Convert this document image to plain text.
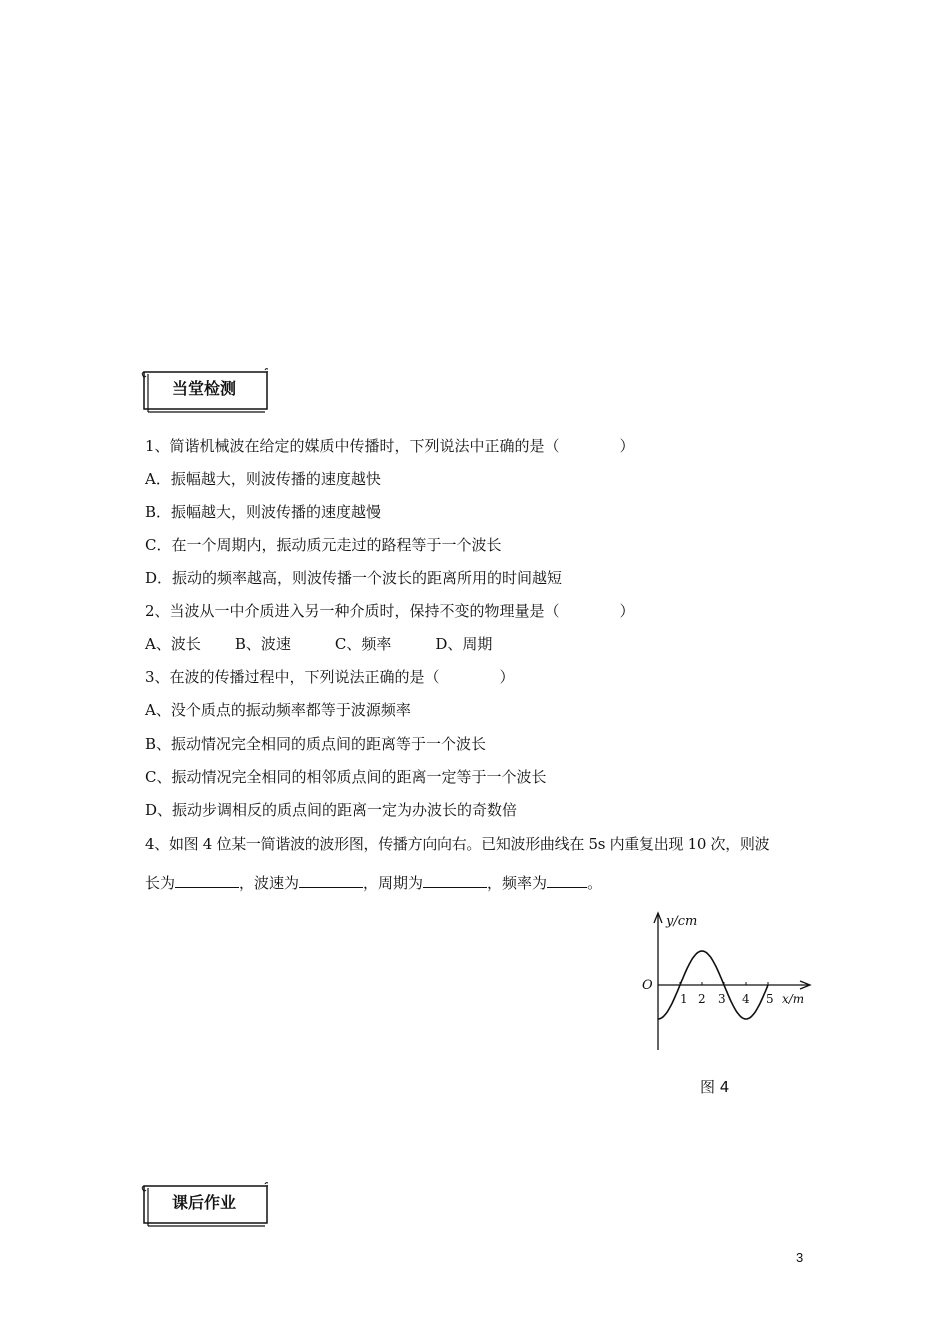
当堂检测
1、简谐机械波在给定的媒质中传播时，下列说法中正确的是（　　　　）
A．振幅越大，则波传播的速度越快
B．振幅越大，则波传播的速度越慢
C．在一个周期内，振动质元走过的路程等于一个波长
D．振动的频率越高，则波传播一个波长的距离所用的时间越短
2、当波从一中介质进入另一种介质时，保持不变的物理量是（　　　　）
A、波长 B、波速	C、频率	D、周期
3、在波的传播过程中，下列说法正确的是（　　　　）
A、没个质点的振动频率都等于波源频率
B、振动情况完全相同的质点间的距离等于一个波长
C、振动情况完全相同的相邻质点间的距离一定等于一个波长
D、振动步调相反的质点间的距离一定为办波长的奇数倍
4、如图 4 位某一简谐波的波形图，传播方向向右。已知波形曲线在 5s 内重复出现 10 次，则波
长为	，波速为	，周期为	，频率为	。
y/cm
O
1 2 3 4 5 x/m
图 4
课后作业
3
